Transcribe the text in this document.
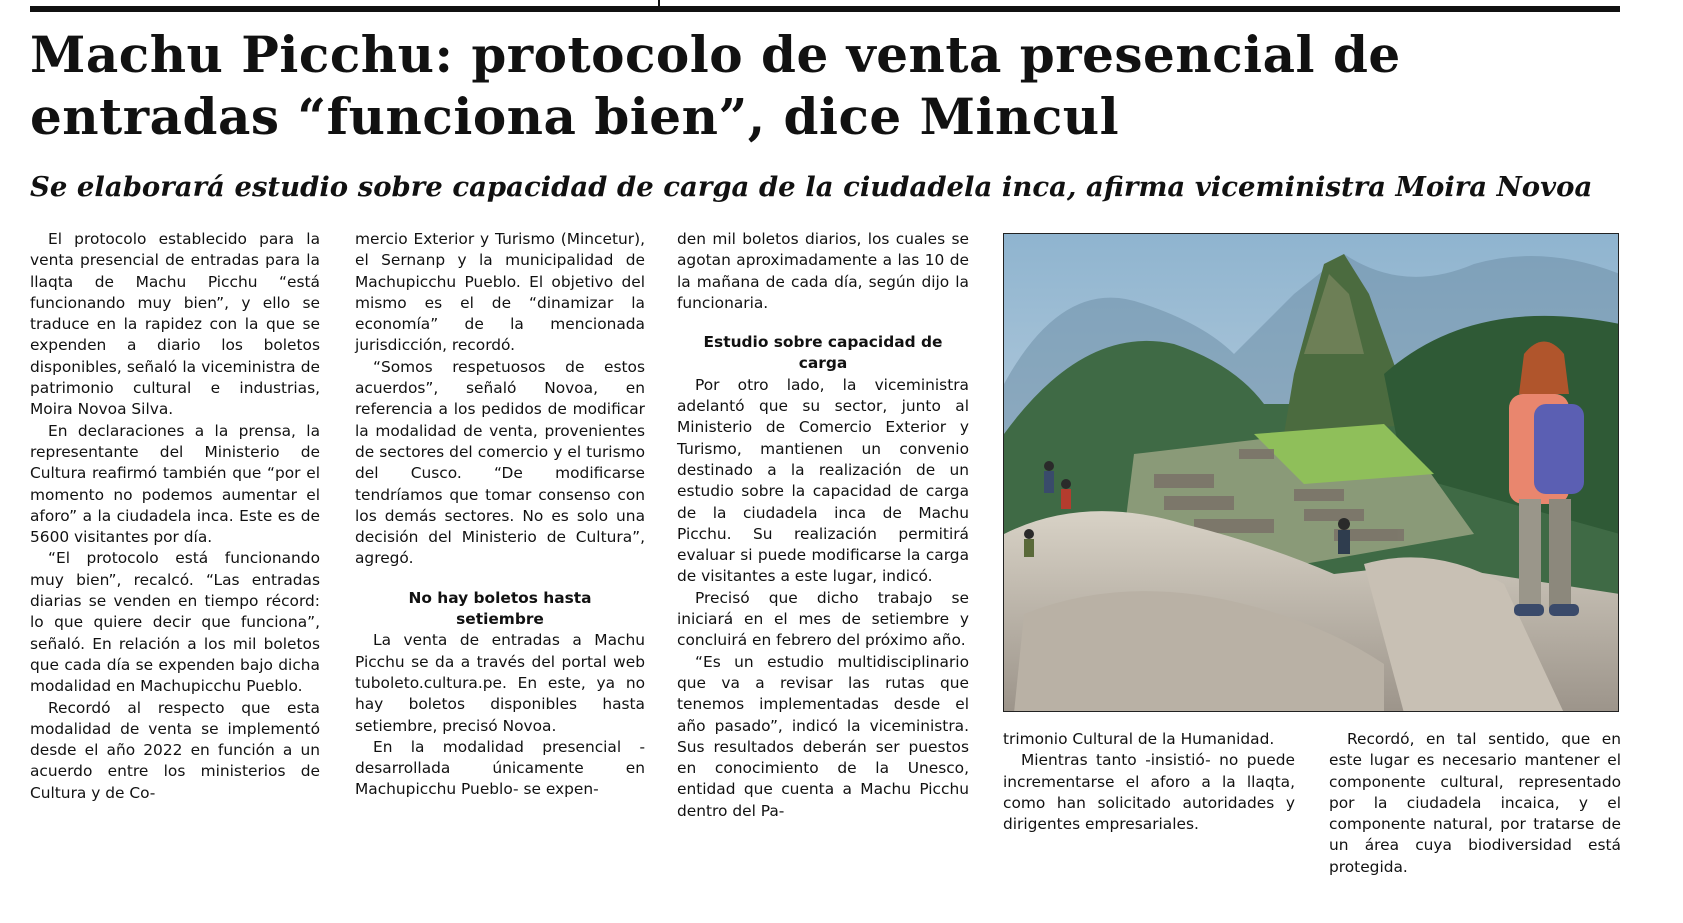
Machu Picchu: protocolo de venta presencial de
entradas “funciona bien”, dice Mincul
Se elaborará estudio sobre capacidad de carga de la ciudadela inca, afirma viceministra Moira Novoa

El protocolo establecido para la venta presencial de entradas para la llaqta de Machu Picchu “está funcionando muy bien”, y ello se traduce en la rapidez con la que se expenden a diario los boletos disponibles, señaló la viceministra de patrimonio cultural e industrias, Moira Novoa Silva.

En declaraciones a la prensa, la representante del Ministerio de Cultura reafirmó también que “por el momento no podemos aumentar el aforo” a la ciudadela inca. Este es de 5600 visitantes por día.

“El protocolo está funcionando muy bien”, recalcó. “Las entradas diarias se venden en tiempo récord: lo que quiere decir que funciona”, señaló. En relación a los mil boletos que cada día se expenden bajo dicha modalidad en Machupicchu Pueblo.

Recordó al respecto que esta modalidad de venta se implementó desde el año 2022 en función a un acuerdo entre los ministerios de Cultura y de Co-

mercio Exterior y Turismo (Mincetur), el Sernanp y la municipalidad de Machupicchu Pueblo. El objetivo del mismo es el de “dinamizar la economía” de la mencionada jurisdicción, recordó.

“Somos respetuosos de estos acuerdos”, señaló Novoa, en referencia a los pedidos de modificar la modalidad de venta, provenientes de sectores del comercio y el turismo del Cusco. “De modificarse tendríamos que tomar consenso con los demás sectores. No es solo una decisión del Ministerio de Cultura”, agregó.

No hay boletos hasta setiembre

La venta de entradas a Machu Picchu se da a través del portal web tuboleto.cultura.pe. En este, ya no hay boletos disponibles hasta setiembre, precisó Novoa.

En la modalidad presencial -desarrollada únicamente en Machupicchu Pueblo- se expen-

den mil boletos diarios, los cuales se agotan aproximadamente a las 10 de la mañana de cada día, según dijo la funcionaria.

Estudio sobre capacidad de carga

Por otro lado, la viceministra adelantó que su sector, junto al Ministerio de Comercio Exterior y Turismo, mantienen un convenio destinado a la realización de un estudio sobre la capacidad de carga de la ciudadela inca de Machu Picchu. Su realización permitirá evaluar si puede modificarse la carga de visitantes a este lugar, indicó.

Precisó que dicho trabajo se iniciará en el mes de setiembre y concluirá en febrero del próximo año.

“Es un estudio multidisciplinario que va a revisar las rutas que tenemos implementadas desde el año pasado”, indicó la viceministra. Sus resultados deberán ser puestos en conocimiento de la Unesco, entidad que cuenta a Machu Picchu dentro del Pa-

trimonio Cultural de la Humanidad.

Mientras tanto -insistió- no puede incrementarse el aforo a la llaqta, como han solicitado autoridades y dirigentes empresariales.

Recordó, en tal sentido, que en este lugar es necesario mantener el componente cultural, representado por la ciudadela incaica, y el componente natural, por tratarse de un área cuya biodiversidad está protegida.
